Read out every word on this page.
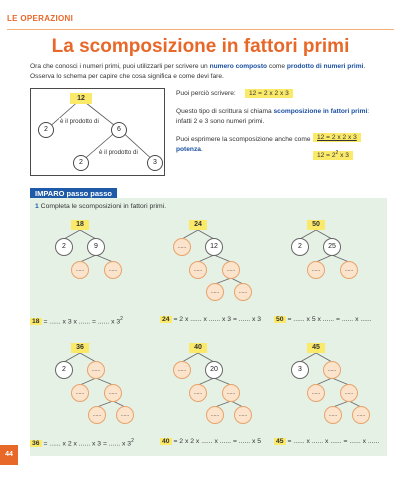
LE OPERAZIONI
La scomposizione in fattori primi
Ora che conosci i numeri primi, puoi utilizzarli per scrivere un numero composto come prodotto di numeri primi. Osserva lo schema per capire che cosa significa e come devi fare.
12
è il prodotto di
2	6
è il prodotto di
2	3
Puoi perciò scrivere:	12 = 2 x 2 x 3
Questo tipo di scrittura si chiama scomposizione in fattori primi: infatti 2 e 3 sono numeri primi.
Puoi esprimere la scomposizione anche come potenza.
12 = 2 x 2 x 3
$12 = 2^2$ x 3
IMPARO passo passo
1 Completa le scomposizioni in fattori primi.
18
2	9
......	......
18 = ...... x 3 x ...... = ...... x $3^2$
24
......	12
......	......
......	......
24 = 2 x ...... x ...... x 3 = ...... x 3
50
2	25
......	......
50 = ...... x 5 x ...... = ...... x ......
36
2	......
......	......
......	......
36 = ...... x 2 x ...... x 3 = ...... x $3^2$
40
......	20
......	......
......	......
40 = 2 x 2 x ...... x ...... = ...... x 5
45
3	......
......	......
......	......
45 = ...... x ...... x ...... = ...... x ......
44
